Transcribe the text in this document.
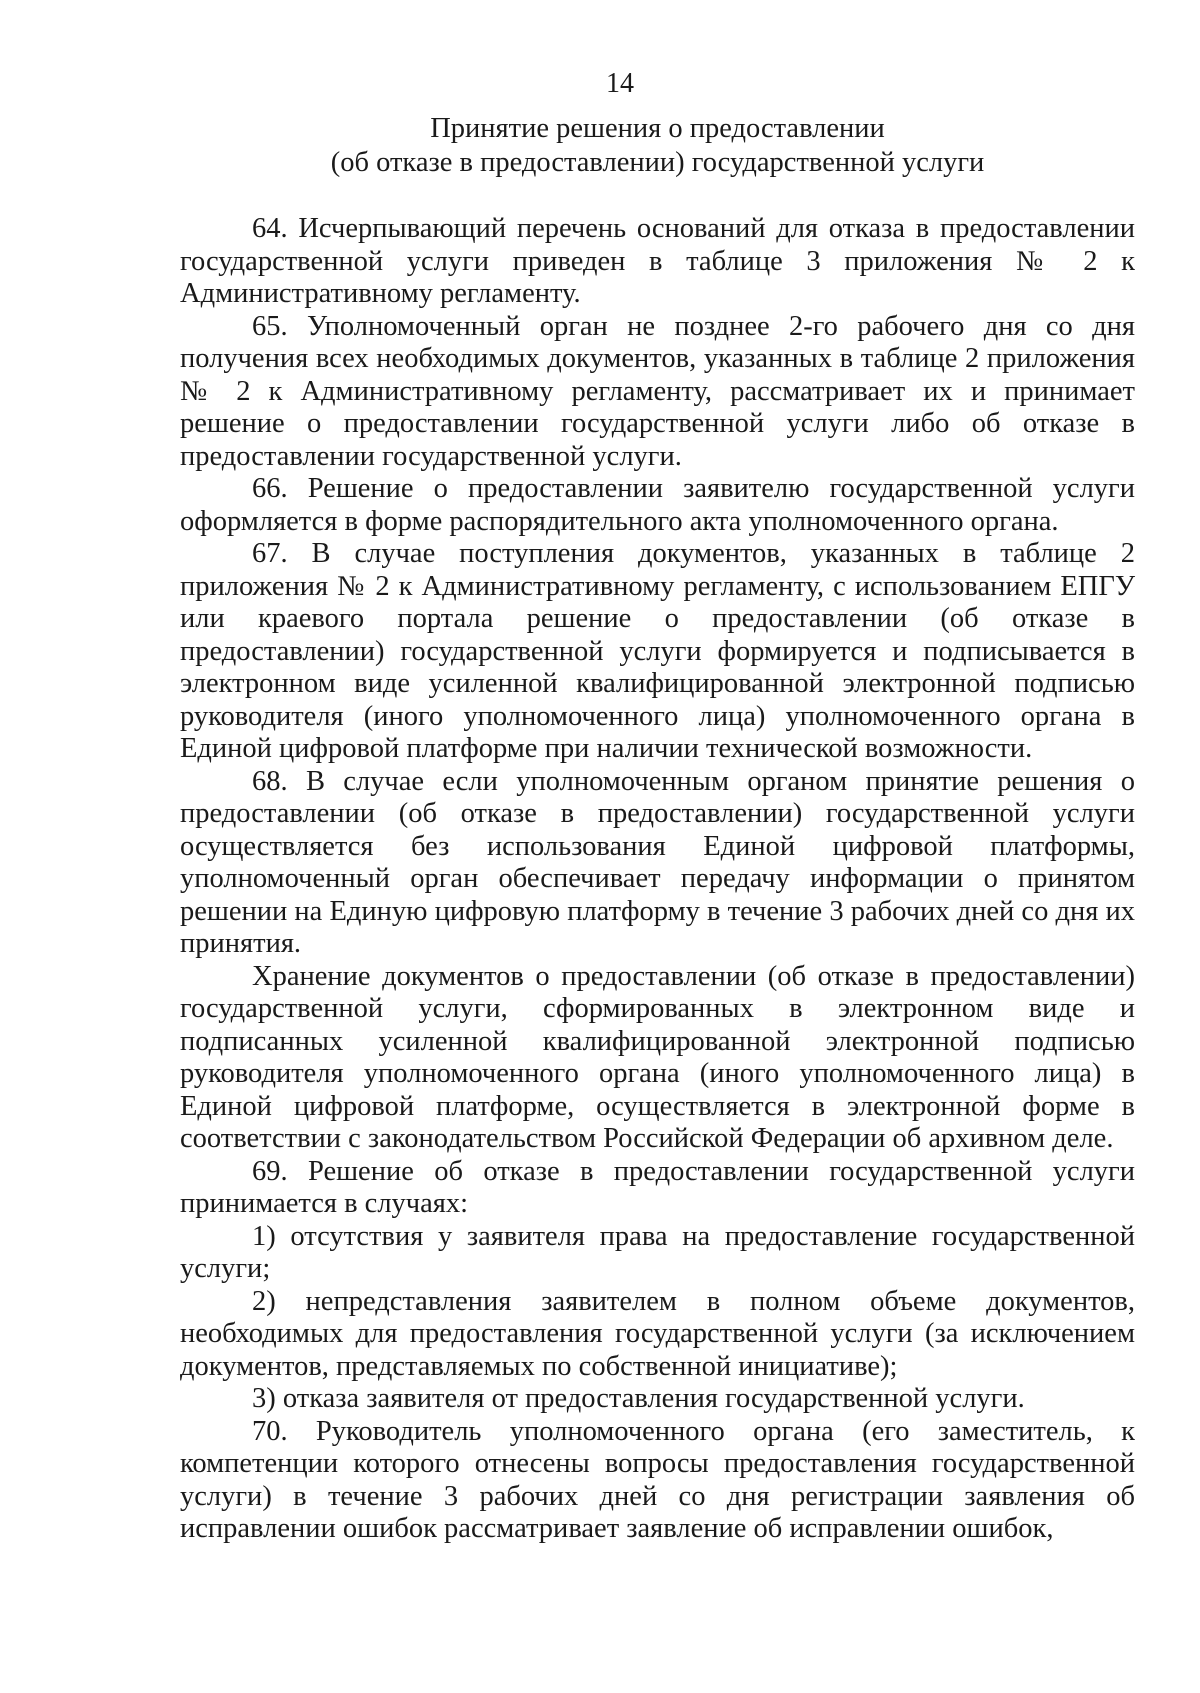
14
Принятие решения о предоставлении
(об отказе в предоставлении) государственной услуги

64. Исчерпывающий перечень оснований для отказа в предоставлении государственной услуги приведен в таблице 3 приложения № 2 к Административному регламенту.

65. Уполномоченный орган не позднее 2-го рабочего дня со дня получения всех необходимых документов, указанных в таблице 2 приложения № 2 к Административному регламенту, рассматривает их и принимает решение о предоставлении государственной услуги либо об отказе в предоставлении государственной услуги.

66. Решение о предоставлении заявителю государственной услуги оформляется в форме распорядительного акта уполномоченного органа.

67. В случае поступления документов, указанных в таблице 2 приложения № 2 к Административному регламенту, с использованием ЕПГУ или краевого портала решение о предоставлении (об отказе в предоставлении) государственной услуги формируется и подписывается в электронном виде усиленной квалифицированной электронной подписью руководителя (иного уполномоченного лица) уполномоченного органа в Единой цифровой платформе при наличии технической возможности.

68. В случае если уполномоченным органом принятие решения о предоставлении (об отказе в предоставлении) государственной услуги осуществляется без использования Единой цифровой платформы, уполномоченный орган обеспечивает передачу информации о принятом решении на Единую цифровую платформу в течение 3 рабочих дней со дня их принятия.

Хранение документов о предоставлении (об отказе в предоставлении) государственной услуги, сформированных в электронном виде и подписанных усиленной квалифицированной электронной подписью руководителя уполномоченного органа (иного уполномоченного лица) в Единой цифровой платформе, осуществляется в электронной форме в соответствии с законодательством Российской Федерации об архивном деле.

69. Решение об отказе в предоставлении государственной услуги принимается в случаях:

1) отсутствия у заявителя права на предоставление государственной услуги;

2) непредставления заявителем в полном объеме документов, необходимых для предоставления государственной услуги (за исключением документов, представляемых по собственной инициативе);

3) отказа заявителя от предоставления государственной услуги.

70. Руководитель уполномоченного органа (его заместитель, к компетенции которого отнесены вопросы предоставления государственной услуги) в течение 3 рабочих дней со дня регистрации заявления об исправлении ошибок рассматривает заявление об исправлении ошибок,
